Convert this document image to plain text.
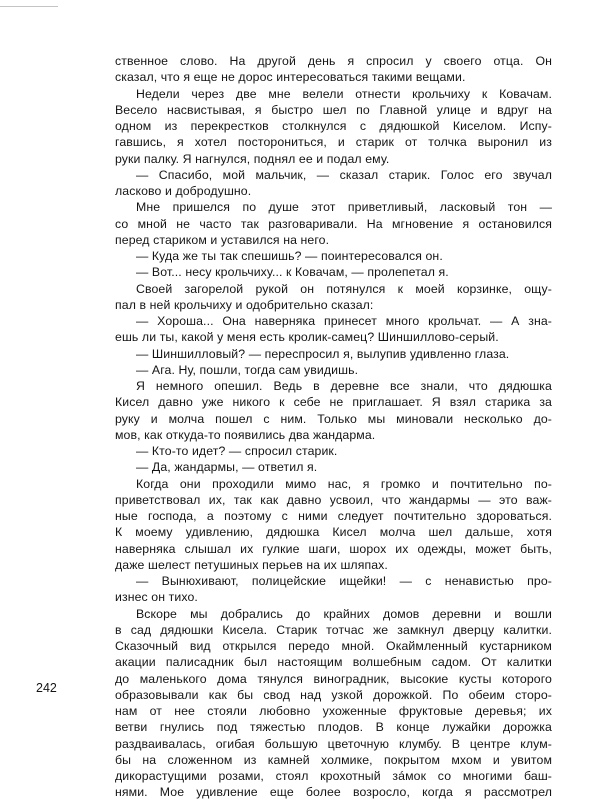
ственное слово. На другой день я спросил у своего отца. Он
сказал, что я еще не дорос интересоваться такими вещами.
Недели через две мне велели отнести крольчиху к Ковачам.
Весело насвистывая, я быстро шел по Главной улице и вдруг на
одном из перекрестков столкнулся с дядюшкой Киселом. Испу-
гавшись, я хотел посторониться, и старик от толчка выронил из
руки палку. Я нагнулся, поднял ее и подал ему.
— Спасибо, мой мальчик, — сказал старик. Голос его звучал
ласково и добродушно.
Мне пришелся по душе этот приветливый, ласковый тон —
со мной не часто так разговаривали. На мгновение я остановился
перед стариком и уставился на него.
— Куда же ты так спешишь? — поинтересовался он.
— Вот... несу крольчиху... к Ковачам, — пролепетал я.
Своей загорелой рукой он потянулся к моей корзинке, ощу-
пал в ней крольчиху и одобрительно сказал:
— Хороша... Она наверняка принесет много крольчат. — А зна-
ешь ли ты, какой у меня есть кролик-самец? Шиншиллово-серый.
— Шиншилловый? — переспросил я, вылупив удивленно глаза.
— Ага. Ну, пошли, тогда сам увидишь.
Я немного опешил. Ведь в деревне все знали, что дядюшка
Кисел давно уже никого к себе не приглашает. Я взял старика за
руку и молча пошел с ним. Только мы миновали несколько до-
мов, как откуда-то появились два жандарма.
— Кто-то идет? — спросил старик.
— Да, жандармы, — ответил я.
Когда они проходили мимо нас, я громко и почтительно по-
приветствовал их, так как давно усвоил, что жандармы — это важ-
ные господа, а поэтому с ними следует почтительно здороваться.
К моему удивлению, дядюшка Кисел молча шел дальше, хотя
наверняка слышал их гулкие шаги, шорох их одежды, может быть,
даже шелест петушиных перьев на их шляпах.
— Вынюхивают, полицейские ищейки! — с ненавистью про-
изнес он тихо.
Вскоре мы добрались до крайних домов деревни и вошли
в сад дядюшки Кисела. Старик тотчас же замкнул дверцу калитки.
Сказочный вид открылся передо мной. Окаймленный кустарником
акации палисадник был настоящим волшебным садом. От калитки
до маленького дома тянулся виноградник, высокие кусты которого
образовывали как бы свод над узкой дорожкой. По обеим сторо-
нам от нее стояли любовно ухоженные фруктовые деревья; их
ветви гнулись под тяжестью плодов. В конце лужайки дорожка
раздваивалась, огибая большую цветочную клумбу. В центре клум-
бы на сложенном из камней холмике, покрытом мхом и увитом
дикорастущими розами, стоял крохотный зáмок со многими баш-
нями. Мое удивление еще более возросло, когда я рассмотрел
242
